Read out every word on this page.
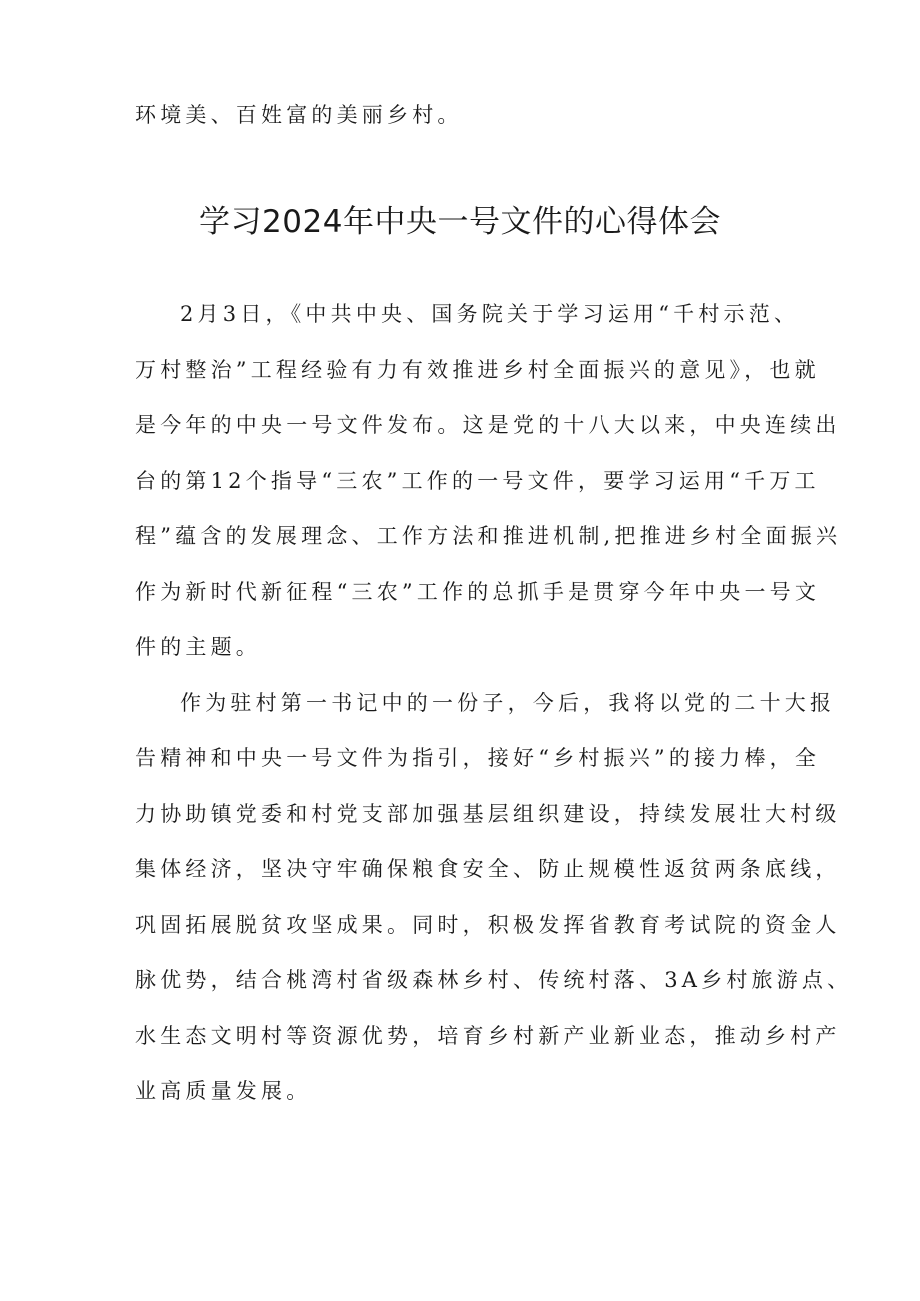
环境美、百姓富的美丽乡村。
学习2024年中央一号文件的心得体会
2月3日，《中共中央、国务院关于学习运用“千村示范、
万村整治”工程经验有力有效推进乡村全面振兴的意见》，也就
是今年的中央一号文件发布。这是党的十八大以来，中央连续出
台的第12个指导“三农”工作的一号文件，要学习运用“千万工
程”蕴含的发展理念、工作方法和推进机制,把推进乡村全面振兴
作为新时代新征程“三农”工作的总抓手是贯穿今年中央一号文
件的主题。
作为驻村第一书记中的一份子，今后，我将以党的二十大报
告精神和中央一号文件为指引，接好“乡村振兴”的接力棒，全
力协助镇党委和村党支部加强基层组织建设，持续发展壮大村级
集体经济，坚决守牢确保粮食安全、防止规模性返贫两条底线，
巩固拓展脱贫攻坚成果。同时，积极发挥省教育考试院的资金人
脉优势，结合桃湾村省级森林乡村、传统村落、3A乡村旅游点、
水生态文明村等资源优势，培育乡村新产业新业态，推动乡村产
业高质量发展。
